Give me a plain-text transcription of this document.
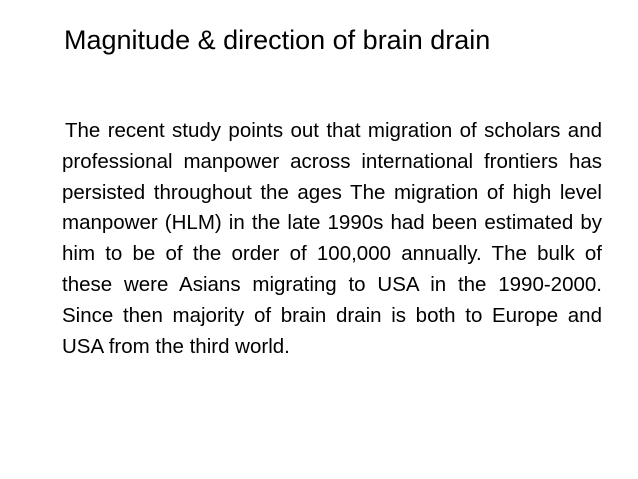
Magnitude & direction of brain drain
The recent study points out that migration of scholars and professional manpower across international frontiers has persisted throughout the ages The migration of high level manpower (HLM) in the late 1990s had been estimated by him to be of the order of 100,000 annually. The bulk of these were Asians migrating to USA in the 1990-2000. Since then majority of brain drain is both to Europe and USA from the third world.
